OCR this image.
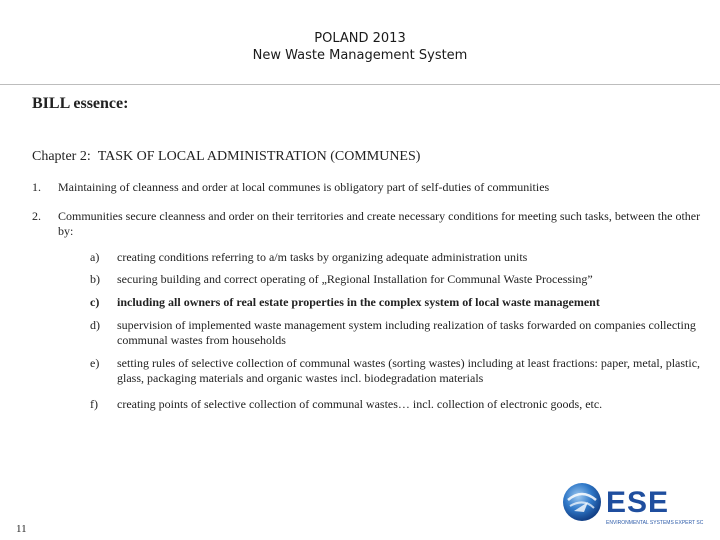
POLAND 2013
New Waste Management System
BILL essence:
Chapter 2: TASK OF LOCAL ADMINISTRATION (COMMUNES)
1.	Maintaining of cleanness and order at local communes is obligatory part of self-duties of communities
2.	Communities secure cleanness and order on their territories and create necessary conditions for meeting such tasks, between the other by:
a)	creating conditions referring to a/m tasks by organizing adequate administration units
b)	securing building and correct operating of „Regional Installation for Communal Waste Processing”
c)	including all owners of real estate properties in the complex system of local waste management
d)	supervision of implemented waste management system including realization of tasks forwarded on companies collecting communal wastes from households
e)	setting rules of selective collection of communal wastes (sorting wastes) including at least fractions: paper, metal, plastic, glass, packaging materials and organic wastes incl. biodegradation materials
f)	creating points of selective collection of communal wastes… incl. collection of electronic goods, etc.
11
ESE
ENVIRONMENTAL SYSTEMS EXPERT SC
